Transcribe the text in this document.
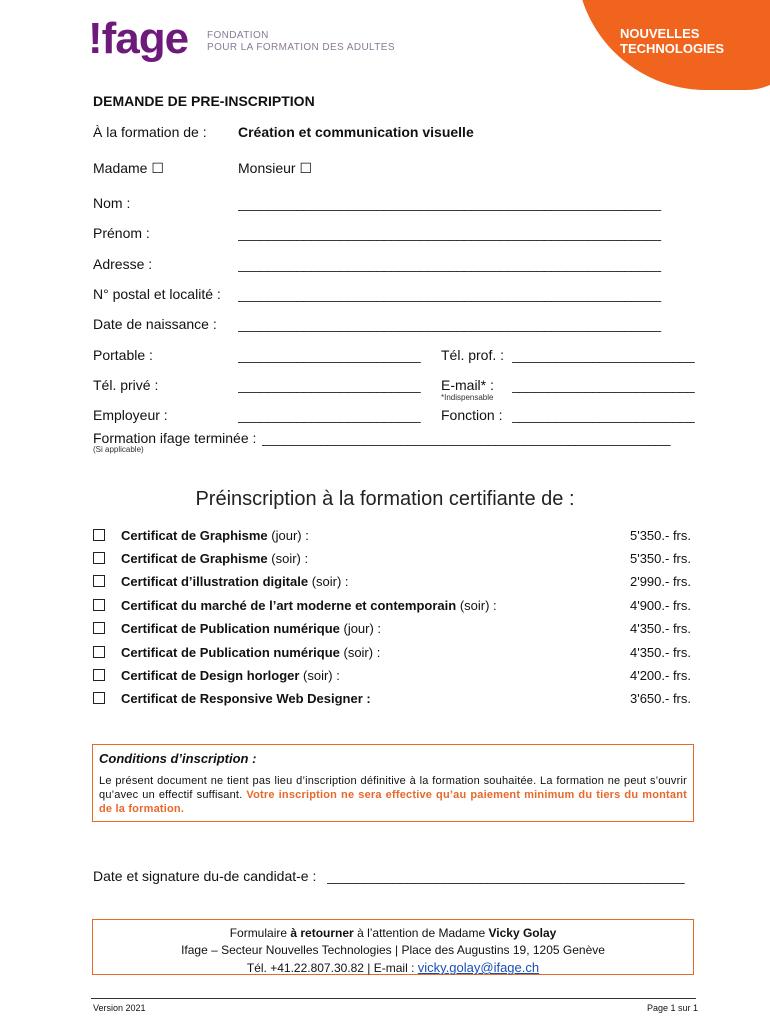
!fage FONDATION
POUR LA FORMATION DES ADULTES
NOUVELLES
TECHNOLOGIES
DEMANDE DE PRE-INSCRIPTION
À la formation de : Création et communication visuelle
Madame ☐	Monsieur ☐
Nom :	__________________________________________________________
Prénom :	__________________________________________________________
Adresse :	__________________________________________________________
N° postal et localité : __________________________________________________________
Date de naissance : __________________________________________________________
Portable :	_________________________	Tél. prof. : _________________________
Tél. privé :	_________________________	E-mail* : _________________________
*Indispensable
Employeur :	_________________________	Fonction : _________________________
Formation ifage terminée : ________________________________________________________
(Si applicable)
Préinscription à la formation certifiante de :
Certificat de Graphisme (jour) :	5'350.- frs.
Certificat de Graphisme (soir) :	5'350.- frs.
Certificat d’illustration digitale (soir) :	2'990.- frs.
Certificat du marché de l’art moderne et contemporain (soir) :	4'900.- frs.
Certificat de Publication numérique (jour) :	4'350.- frs.
Certificat de Publication numérique (soir) :	4'350.- frs.
Certificat de Design horloger (soir) :	4'200.- frs.
Certificat de Responsive Web Designer :	3'650.- frs.
Conditions d’inscription :
Le présent document ne tient pas lieu d’inscription définitive à la formation souhaitée. La formation ne peut s’ouvrir qu’avec un effectif suffisant. Votre inscription ne sera effective qu’au paiement minimum du tiers du montant de la formation.
Date et signature du-de candidat-e : _________________________________________________
Formulaire à retourner à l’attention de Madame Vicky Golay
Ifage – Secteur Nouvelles Technologies | Place des Augustins 19, 1205 Genève
Tél. +41.22.807.30.82 | E-mail : vicky.golay@ifage.ch
Version 2021	Page 1 sur 1
